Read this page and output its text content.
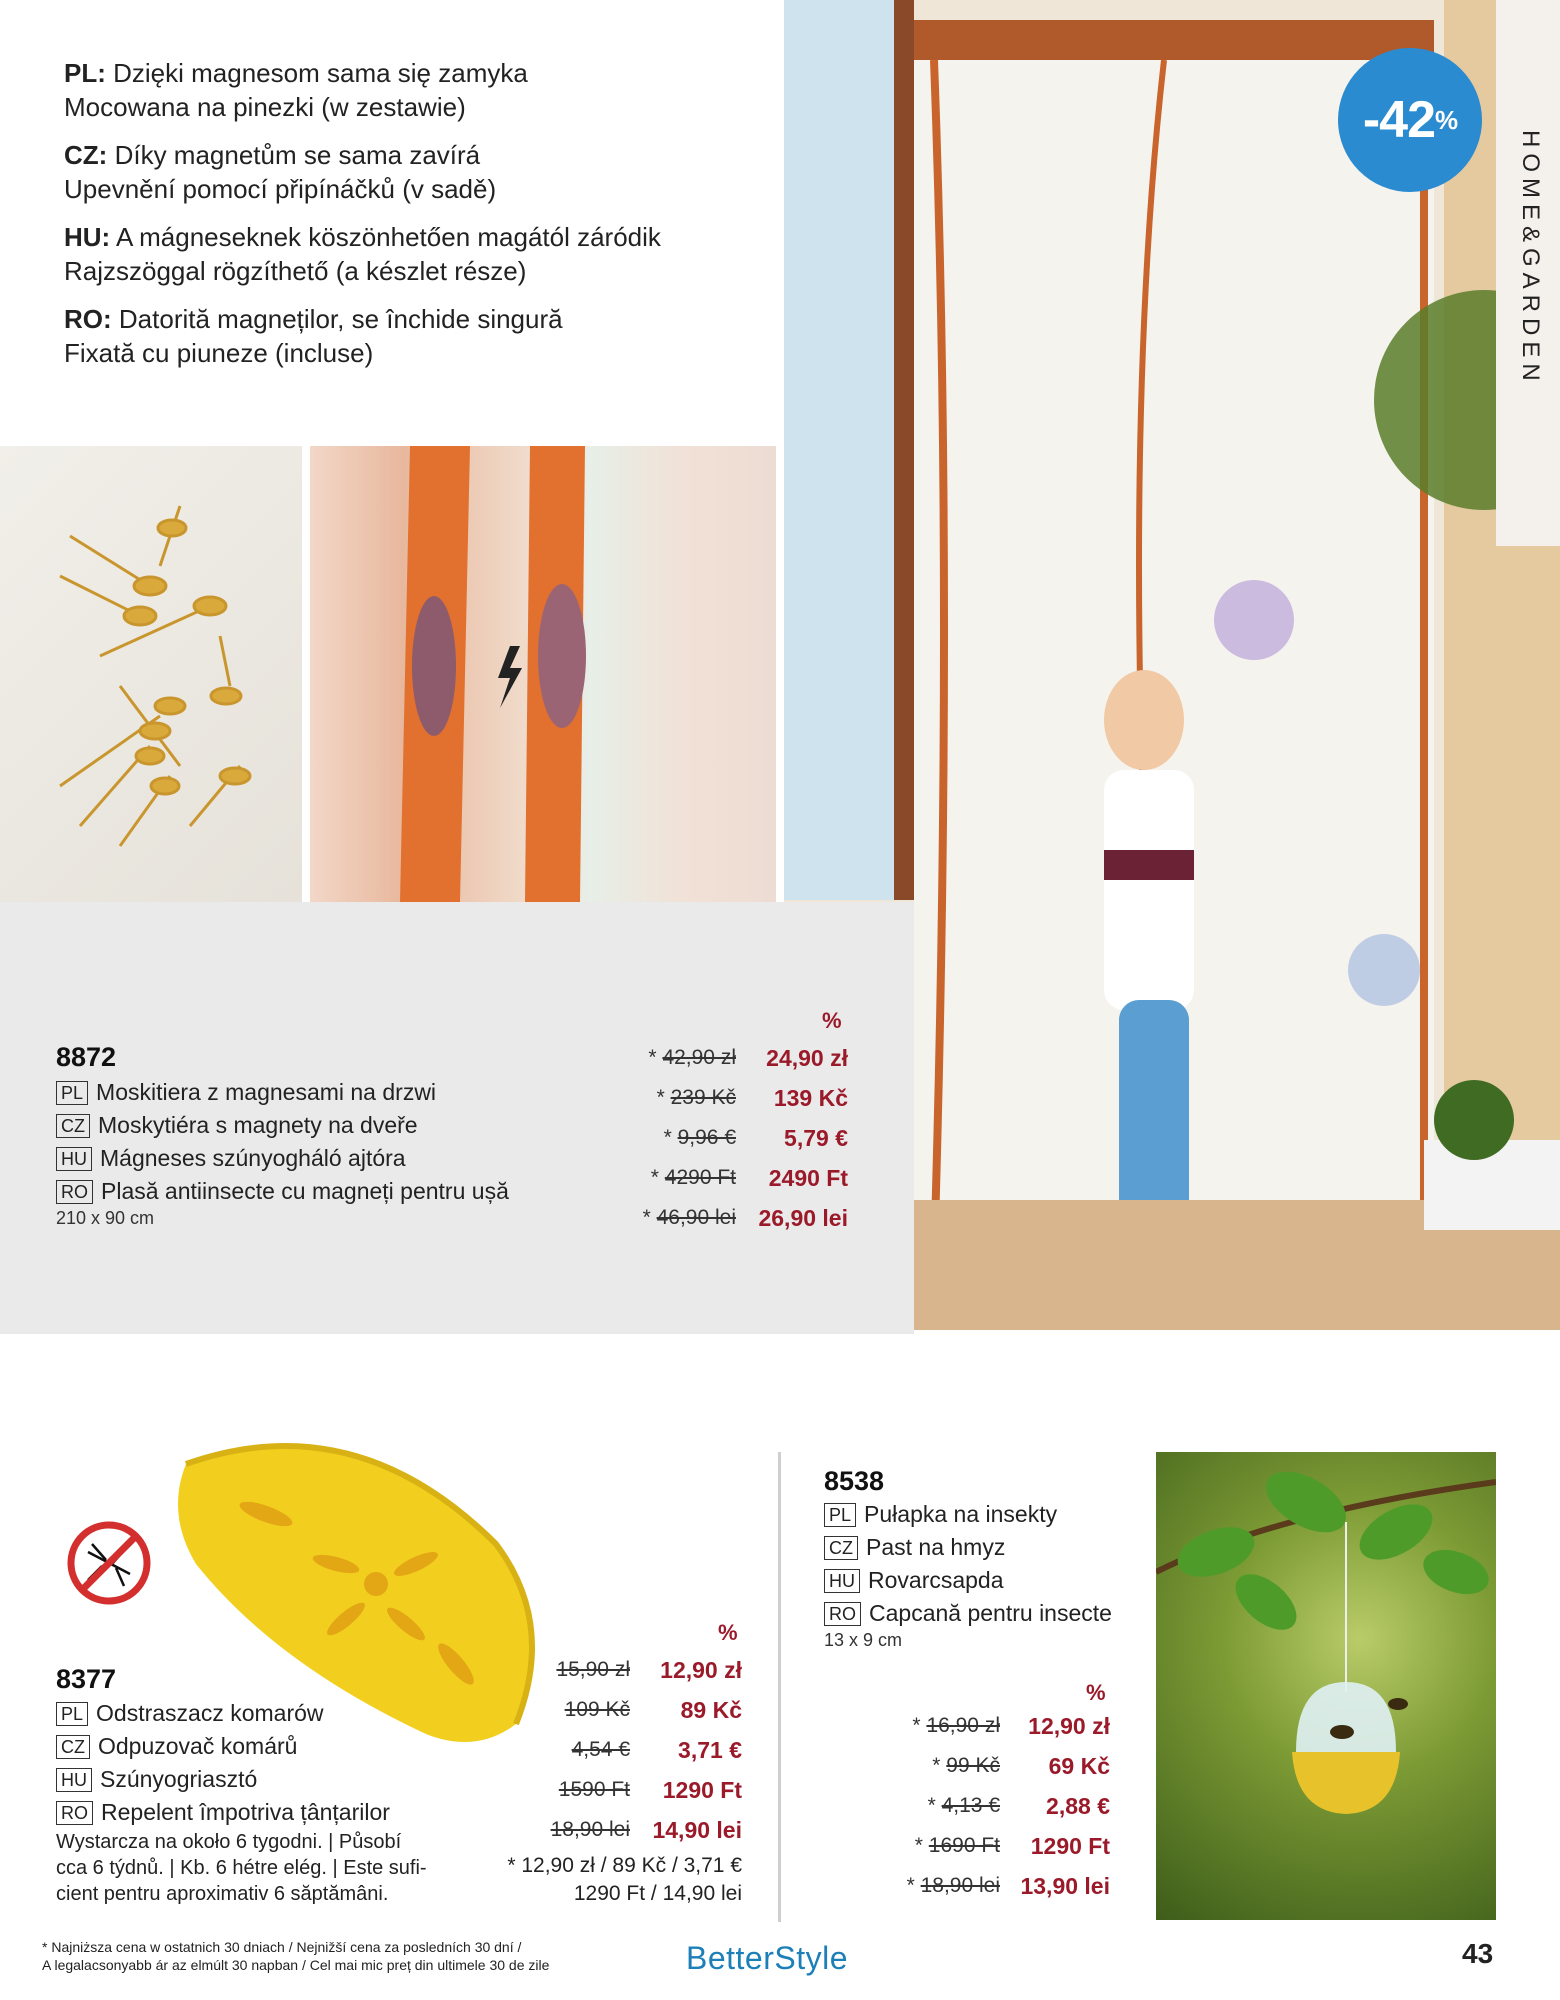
PL: Dzięki magnesom sama się zamyka
Mocowana na pinezki (w zestawie)

CZ: Díky magnetům se sama zavírá
Upevnění pomocí připínáčků (v sadě)

HU: A mágneseknek köszönhetően magától záródik
Rajzszöggal rögzíthető (a készlet része)

RO: Datorită magneților, se închide singură
Fixată cu piuneze (incluse)

-42 %
HOME&GARDEN
8872
PL Moskitiera z magnesami na drzwi
CZ Moskytiéra s magnety na dveře
HU Mágneses szúnyogháló ajtóra
RO Plasă antiinsecte cu magneți pentru ușă
210 x 90 cm
%
* 42,90 zł
* 239 Kč
* 9,96 €
* 4290 Ft
* 46,90 lei
24,90 zł
139 Kč
5,79 €
2490 Ft
26,90 lei
8377
PL Odstraszacz komarów
CZ Odpuzovač komárů
HU Szúnyogriasztó
RO Repelent împotriva țânțarilor
Wystarcza na około 6 tygodni. | Působí
cca 6 týdnů. | Kb. 6 hétre elég. | Este sufi-
cient pentru aproximativ 6 săptămâni.
%
15,90 zł
109 Kč
4,54 €
1590 Ft
18,90 lei
12,90 zł
89 Kč
3,71 €
1290 Ft
14,90 lei
* 12,90 zł / 89 Kč / 3,71 €
1290 Ft / 14,90 lei
8538
PL Pułapka na insekty
CZ Past na hmyz
HU Rovarcsapda
RO Capcană pentru insecte
13 x 9 cm
%
* 16,90 zł
* 99 Kč
* 4,13 €
* 1690 Ft
* 18,90 lei
12,90 zł
69 Kč
2,88 €
1290 Ft
13,90 lei
* Najniższa cena w ostatnich 30 dniach / Nejnižší cena za posledních 30 dní /
A legalacsonyabb ár az elmúlt 30 napban / Cel mai mic preț din ultimele 30 de zile	BetterStyle	43
